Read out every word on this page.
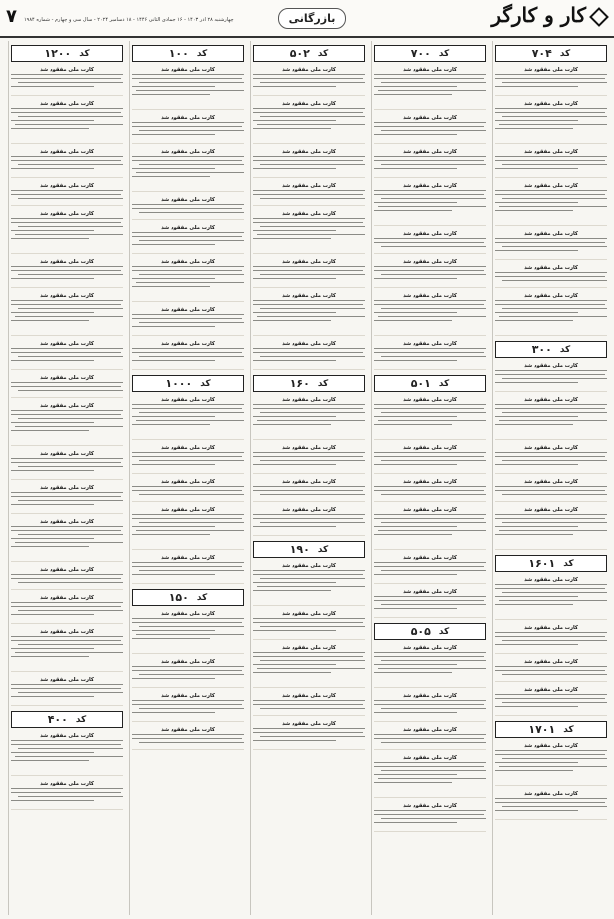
کار و کارگر
بازرگانی
چهارشنبه ۲۸ آذر ۱۴۰۳ - ۱۶ جمادی الثانی ۱۴۴۶ - ۱۸ دسامبر ۲۰۲۴ - سال سی و چهارم - شماره ۱۹۸۴
۷
کد
۷۰۴
کارت ملی مفقود شد
کارت ملی مفقود شد
کارت ملی مفقود شد
کارت ملی مفقود شد
کارت ملی مفقود شد
کارت ملی مفقود شد
کارت ملی مفقود شد
کد
۳۰۰
کارت ملی مفقود شد
کارت ملی مفقود شد
کارت ملی مفقود شد
کارت ملی مفقود شد
کارت ملی مفقود شد
کد
۱۶۰۱
کارت ملی مفقود شد
کارت ملی مفقود شد
کارت ملی مفقود شد
کارت ملی مفقود شد
کد
۱۷۰۱
کارت ملی مفقود شد
کارت ملی مفقود شد
کد
۷۰۰
کارت ملی مفقود شد
کارت ملی مفقود شد
کارت ملی مفقود شد
کارت ملی مفقود شد
کارت ملی مفقود شد
کارت ملی مفقود شد
کارت ملی مفقود شد
کارت ملی مفقود شد
کد
۵۰۱
کارت ملی مفقود شد
کارت ملی مفقود شد
کارت ملی مفقود شد
کارت ملی مفقود شد
کارت ملی مفقود شد
کارت ملی مفقود شد
کد
۵۰۵
کارت ملی مفقود شد
کارت ملی مفقود شد
کارت ملی مفقود شد
کارت ملی مفقود شد
کارت ملی مفقود شد
کد
۵۰۲
کارت ملی مفقود شد
کارت ملی مفقود شد
کارت ملی مفقود شد
کارت ملی مفقود شد
کارت ملی مفقود شد
کارت ملی مفقود شد
کارت ملی مفقود شد
کارت ملی مفقود شد
کد
۱۶۰
کارت ملی مفقود شد
کارت ملی مفقود شد
کارت ملی مفقود شد
کارت ملی مفقود شد
کد
۱۹۰
کارت ملی مفقود شد
کارت ملی مفقود شد
کارت ملی مفقود شد
کارت ملی مفقود شد
کارت ملی مفقود شد
کد
۱۰۰
کارت ملی مفقود شد
کارت ملی مفقود شد
کارت ملی مفقود شد
کارت ملی مفقود شد
کارت ملی مفقود شد
کارت ملی مفقود شد
کارت ملی مفقود شد
کارت ملی مفقود شد
کد
۱۰۰۰
کارت ملی مفقود شد
کارت ملی مفقود شد
کارت ملی مفقود شد
کارت ملی مفقود شد
کارت ملی مفقود شد
کد
۱۵۰
کارت ملی مفقود شد
کارت ملی مفقود شد
کارت ملی مفقود شد
کارت ملی مفقود شد
کد
۱۲۰۰
کارت ملی مفقود شد
کارت ملی مفقود شد
کارت ملی مفقود شد
کارت ملی مفقود شد
کارت ملی مفقود شد
کارت ملی مفقود شد
کارت ملی مفقود شد
کارت ملی مفقود شد
کارت ملی مفقود شد
کارت ملی مفقود شد
کارت ملی مفقود شد
کارت ملی مفقود شد
کارت ملی مفقود شد
کارت ملی مفقود شد
کارت ملی مفقود شد
کارت ملی مفقود شد
کارت ملی مفقود شد
کد
۴۰۰
کارت ملی مفقود شد
کارت ملی مفقود شد
